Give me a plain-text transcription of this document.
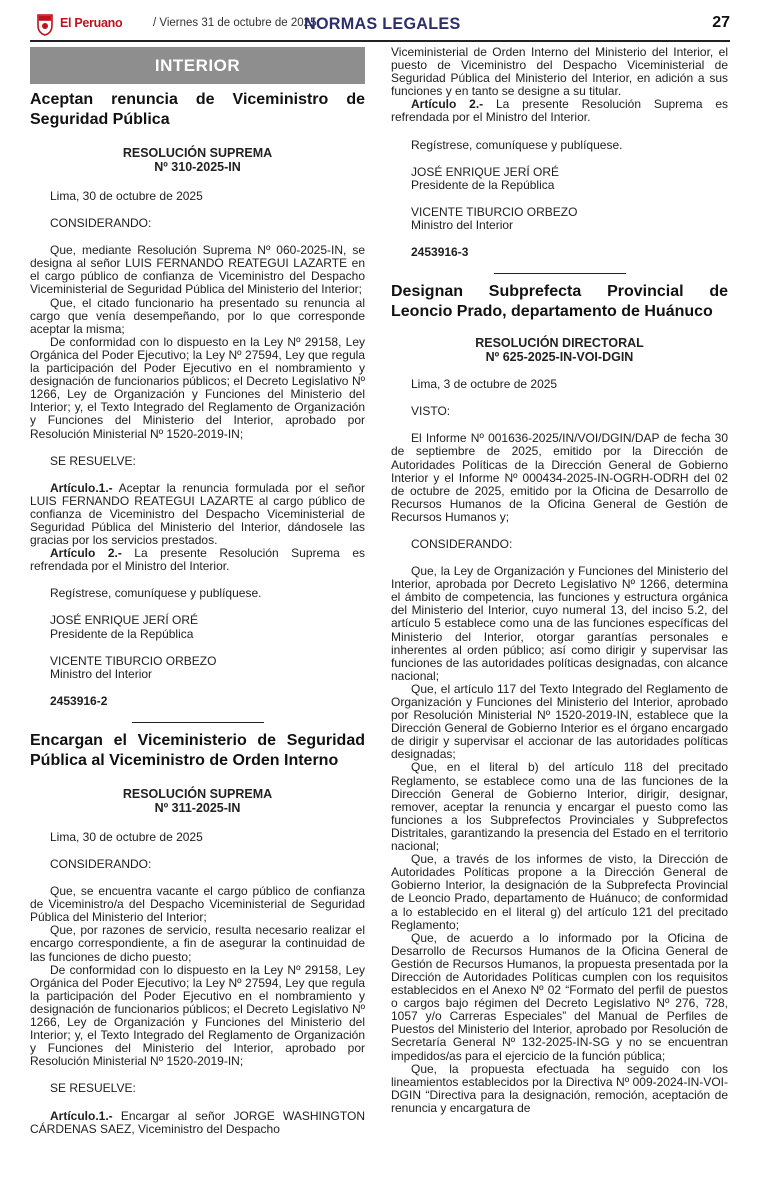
El Peruano	/ Viernes 31 de octubre de 2025
NORMAS LEGALES	27
INTERIOR
Aceptan renuncia de Viceministro de Seguridad Pública
RESOLUCIÓN SUPREMA
Nº 310-2025-IN

Lima, 30 de octubre de 2025

CONSIDERANDO:

Que, mediante Resolución Suprema Nº 060-2025-IN, se designa al señor LUIS FERNANDO REATEGUI LAZARTE en el cargo público de confianza de Viceministro del Despacho Viceministerial de Seguridad Pública del Ministerio del Interior;

Que, el citado funcionario ha presentado su renuncia al cargo que venía desempeñando, por lo que corresponde aceptar la misma;

De conformidad con lo dispuesto en la Ley Nº 29158, Ley Orgánica del Poder Ejecutivo; la Ley Nº 27594, Ley que regula la participación del Poder Ejecutivo en el nombramiento y designación de funcionarios públicos; el Decreto Legislativo Nº 1266, Ley de Organización y Funciones del Ministerio del Interior; y, el Texto Integrado del Reglamento de Organización y Funciones del Ministerio del Interior, aprobado por Resolución Ministerial Nº 1520-2019-IN;

SE RESUELVE:

Artículo.1.- Aceptar la renuncia formulada por el señor LUIS FERNANDO REATEGUI LAZARTE al cargo público de confianza de Viceministro del Despacho Viceministerial de Seguridad Pública del Ministerio del Interior, dándosele las gracias por los servicios prestados.

Artículo 2.- La presente Resolución Suprema es refrendada por el Ministro del Interior.

Regístrese, comuníquese y publíquese.

JOSÉ ENRIQUE JERÍ ORÉ

Presidente de la República

VICENTE TIBURCIO ORBEZO

Ministro del Interior

2453916-2

Encargan el Viceministerio de Seguridad Pública al Viceministro de Orden Interno
RESOLUCIÓN SUPREMA
Nº 311-2025-IN

Lima, 30 de octubre de 2025

CONSIDERANDO:

Que, se encuentra vacante el cargo público de confianza de Viceministro/a del Despacho Viceministerial de Seguridad Pública del Ministerio del Interior;

Que, por razones de servicio, resulta necesario realizar el encargo correspondiente, a fin de asegurar la continuidad de las funciones de dicho puesto;

De conformidad con lo dispuesto en la Ley Nº 29158, Ley Orgánica del Poder Ejecutivo; la Ley Nº 27594, Ley que regula la participación del Poder Ejecutivo en el nombramiento y designación de funcionarios públicos; el Decreto Legislativo Nº 1266, Ley de Organización y Funciones del Ministerio del Interior; y, el Texto Integrado del Reglamento de Organización y Funciones del Ministerio del Interior, aprobado por Resolución Ministerial Nº 1520-2019-IN;

SE RESUELVE:

Artículo.1.- Encargar al señor JORGE WASHINGTON CÁRDENAS SAEZ, Viceministro del Despacho

Viceministerial de Orden Interno del Ministerio del Interior, el puesto de Viceministro del Despacho Viceministerial de Seguridad Pública del Ministerio del Interior, en adición a sus funciones y en tanto se designe a su titular.

Artículo 2.- La presente Resolución Suprema es refrendada por el Ministro del Interior.

Regístrese, comuníquese y publíquese.

JOSÉ ENRIQUE JERÍ ORÉ

Presidente de la República

VICENTE TIBURCIO ORBEZO

Ministro del Interior

2453916-3

Designan Subprefecta Provincial de Leoncio Prado, departamento de Huánuco
RESOLUCIÓN DIRECTORAL
Nº 625-2025-IN-VOI-DGIN

Lima, 3 de octubre de 2025

VISTO:

El Informe Nº 001636-2025/IN/VOI/DGIN/DAP de fecha 30 de septiembre de 2025, emitido por la Dirección de Autoridades Políticas de la Dirección General de Gobierno Interior y el Informe Nº 000434-2025-IN-OGRH-ODRH del 02 de octubre de 2025, emitido por la Oficina de Desarrollo de Recursos Humanos de la Oficina General de Gestión de Recursos Humanos y;

CONSIDERANDO:

Que, la Ley de Organización y Funciones del Ministerio del Interior, aprobada por Decreto Legislativo Nº 1266, determina el ámbito de competencia, las funciones y estructura orgánica del Ministerio del Interior, cuyo numeral 13, del inciso 5.2, del artículo 5 establece como una de las funciones específicas del Ministerio del Interior, otorgar garantías personales e inherentes al orden público; así como dirigir y supervisar las funciones de las autoridades políticas designadas, con alcance nacional;

Que, el artículo 117 del Texto Integrado del Reglamento de Organización y Funciones del Ministerio del Interior, aprobado por Resolución Ministerial Nº 1520-2019-IN, establece que la Dirección General de Gobierno Interior es el órgano encargado de dirigir y supervisar el accionar de las autoridades políticas designadas;

Que, en el literal b) del artículo 118 del precitado Reglamento, se establece como una de las funciones de la Dirección General de Gobierno Interior, dirigir, designar, remover, aceptar la renuncia y encargar el puesto como las funciones a los Subprefectos Provinciales y Subprefectos Distritales, garantizando la presencia del Estado en el territorio nacional;

Que, a través de los informes de visto, la Dirección de Autoridades Políticas propone a la Dirección General de Gobierno Interior, la designación de la Subprefecta Provincial de Leoncio Prado, departamento de Huánuco; de conformidad a lo establecido en el literal g) del artículo 121 del precitado Reglamento;

Que, de acuerdo a lo informado por la Oficina de Desarrollo de Recursos Humanos de la Oficina General de Gestión de Recursos Humanos, la propuesta presentada por la Dirección de Autoridades Políticas cumplen con los requisitos establecidos en el Anexo Nº 02 “Formato del perfil de puestos o cargos bajo régimen del Decreto Legislativo Nº 276, 728, 1057 y/o Carreras Especiales” del Manual de Perfiles de Puestos del Ministerio del Interior, aprobado por Resolución de Secretaría General Nº 132-2025-IN-SG y no se encuentran impedidos/as para el ejercicio de la función pública;

Que, la propuesta efectuada ha seguido con los lineamientos establecidos por la Directiva Nº 009-2024-IN-VOI-DGIN “Directiva para la designación, remoción, aceptación de renuncia y encargatura de
